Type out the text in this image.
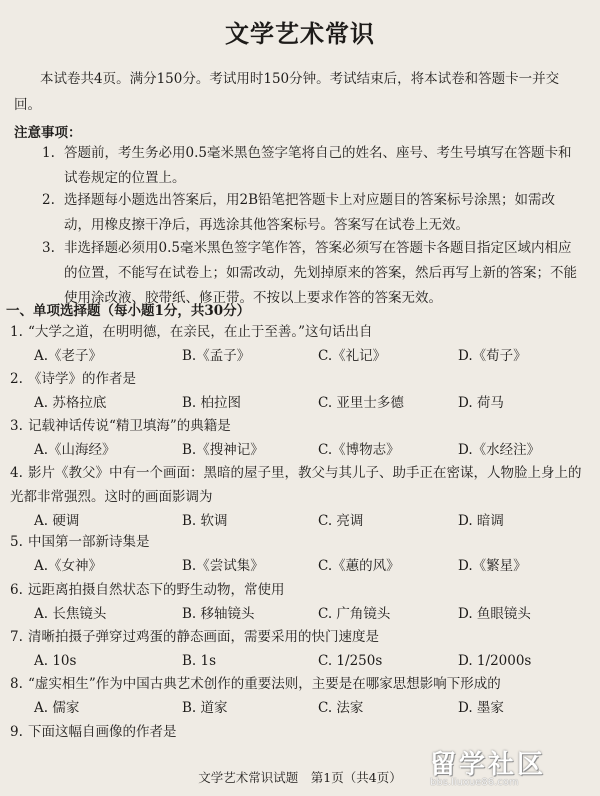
文学艺术常识
本试卷共4页。满分150分。考试用时150分钟。考试结束后，将本试卷和答题卡一并交回。
注意事项：
1. 答题前，考生务必用0.5毫米黑色签字笔将自己的姓名、座号、考生号填写在答题卡和试卷规定的位置上。
2. 选择题每小题选出答案后，用2B铅笔把答题卡上对应题目的答案标号涂黑；如需改动，用橡皮擦干净后，再选涂其他答案标号。答案写在试卷上无效。
3. 非选择题必须用0.5毫米黑色签字笔作答，答案必须写在答题卡各题目指定区域内相应的位置，不能写在试卷上；如需改动，先划掉原来的答案，然后再写上新的答案；不能使用涂改液、胶带纸、修正带。不按以上要求作答的答案无效。
一、单项选择题（每小题1分，共30分）
1. “大学之道，在明明德，在亲民，在止于至善。”这句话出自
A.《老子》	B.《孟子》	C.《礼记》	D.《荀子》
2. 《诗学》的作者是
A. 苏格拉底	B. 柏拉图	C. 亚里士多德	D. 荷马
3. 记载神话传说“精卫填海”的典籍是
A.《山海经》	B.《搜神记》	C.《博物志》	D.《水经注》
4. 影片《教父》中有一个画面：黑暗的屋子里，教父与其儿子、助手正在密谋，人物脸上身上的光都非常强烈。这时的画面影调为
A. 硬调	B. 软调	C. 亮调	D. 暗调
5. 中国第一部新诗集是
A.《女神》	B.《尝试集》	C.《蕙的风》	D.《繁星》
6. 远距离拍摄自然状态下的野生动物，常使用
A. 长焦镜头	B. 移轴镜头	C. 广角镜头	D. 鱼眼镜头
7. 清晰拍摄子弹穿过鸡蛋的静态画面，需要采用的快门速度是
A. 10s	B. 1s	C. 1/250s	D. 1/2000s
8. “虚实相生”作为中国古典艺术创作的重要法则，主要是在哪家思想影响下形成的
A. 儒家	B. 道家	C. 法家	D. 墨家
9. 下面这幅自画像的作者是
文学艺术常识试题　第1页（共4页）	留学社区
bbs.liuxue86.com
